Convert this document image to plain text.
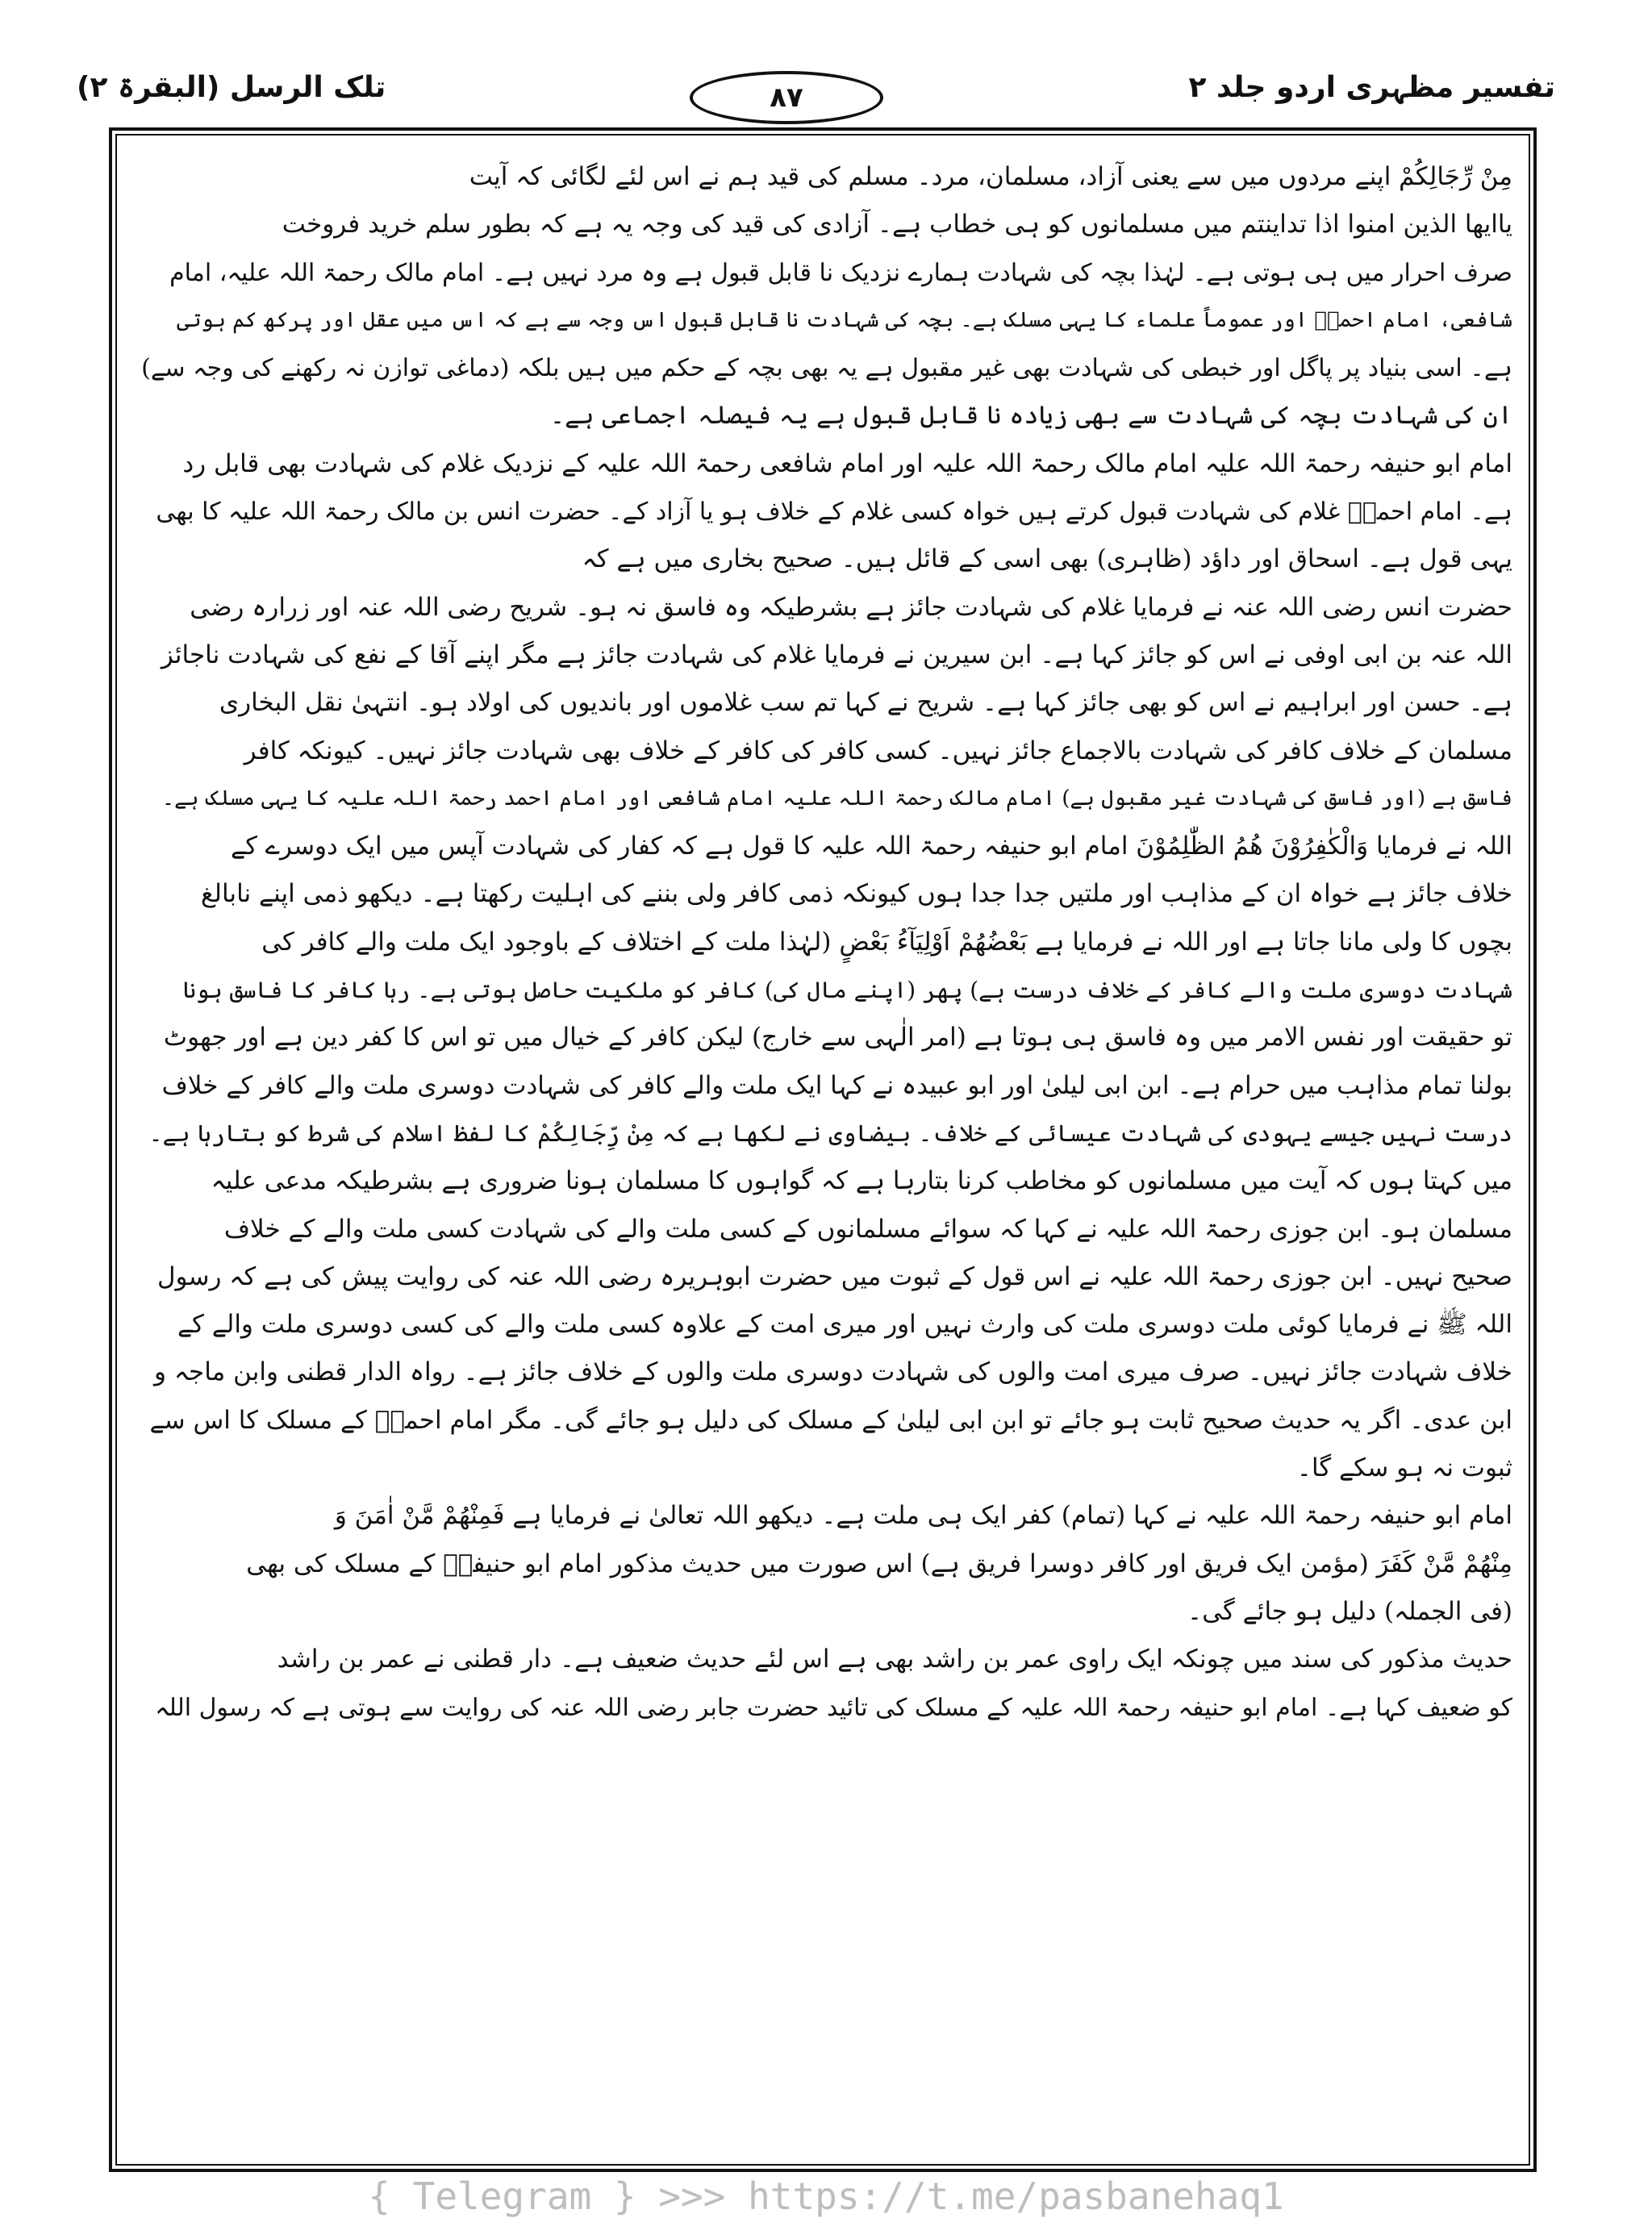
تفسیر مظہری اردو جلد ۲
۸۷
تلک الرسل (البقرۃ ۲)
مِنْ رِّجَالِكُمْ اپنے مردوں میں سے یعنی آزاد، مسلمان، مرد۔ مسلم کی قید ہم نے اس لئے لگائی کہ آیت
یاایھا الذین امنوا اذا تداینتم میں مسلمانوں کو ہی خطاب ہے۔ آزادی کی قید کی وجہ یہ ہے کہ بطور سلم خرید فروخت
صرف احرار میں ہی ہوتی ہے۔ لہٰذا بچہ کی شہادت ہمارے نزدیک نا قابل قبول ہے وہ مرد نہیں ہے۔ امام مالک رحمۃ اللہ علیہ، امام
شافعی، امام احمدؒ اور عموماً علماء کا یہی مسلک ہے۔ بچہ کی شہادت نا قابل قبول اس وجہ سے ہے کہ اس میں عقل اور پرکھ کم ہوتی
ہے۔ اسی بنیاد پر پاگل اور خبطی کی شہادت بھی غیر مقبول ہے یہ بھی بچہ کے حکم میں ہیں بلکہ (دماغی توازن نہ رکھنے کی وجہ سے)
ان کی شہادت بچہ کی شہادت سے بھی زیادہ نا قابل قبول ہے یہ فیصلہ اجماعی ہے۔
امام ابو حنیفہ رحمۃ اللہ علیہ امام مالک رحمۃ اللہ علیہ اور امام شافعی رحمۃ اللہ علیہ کے نزدیک غلام کی شہادت بھی قابل رد
ہے۔ امام احمدؒ غلام کی شہادت قبول کرتے ہیں خواہ کسی غلام کے خلاف ہو یا آزاد کے۔ حضرت انس بن مالک رحمۃ اللہ علیہ کا بھی
یہی قول ہے۔ اسحاق اور داؤد (ظاہری) بھی اسی کے قائل ہیں۔ صحیح بخاری میں ہے کہ
حضرت انس رضی اللہ عنہ نے فرمایا غلام کی شہادت جائز ہے بشرطیکہ وہ فاسق نہ ہو۔ شریح رضی اللہ عنہ اور زرارہ رضی
اللہ عنہ بن ابی اوفی نے اس کو جائز کہا ہے۔ ابن سیرین نے فرمایا غلام کی شہادت جائز ہے مگر اپنے آقا کے نفع کی شہادت ناجائز
ہے۔ حسن اور ابراہیم نے اس کو بھی جائز کہا ہے۔ شریح نے کہا تم سب غلاموں اور باندیوں کی اولاد ہو۔ انتہیٰ نقل البخاری
مسلمان کے خلاف کافر کی شہادت بالاجماع جائز نہیں۔ کسی کافر کی کافر کے خلاف بھی شہادت جائز نہیں۔ کیونکہ کافر
فاسق ہے (اور فاسق کی شہادت غیر مقبول ہے) امام مالک رحمۃ اللہ علیہ امام شافعی اور امام احمد رحمۃ اللہ علیہ کا یہی مسلک ہے۔
اللہ نے فرمایا وَالْكٰفِرُوْنَ هُمُ الظّٰلِمُوْنَ امام ابو حنیفہ رحمۃ اللہ علیہ کا قول ہے کہ کفار کی شہادت آپس میں ایک دوسرے کے
خلاف جائز ہے خواہ ان کے مذاہب اور ملتیں جدا جدا ہوں کیونکہ ذمی کافر ولی بننے کی اہلیت رکھتا ہے۔ دیکھو ذمی اپنے نابالغ
بچوں کا ولی مانا جاتا ہے اور اللہ نے فرمایا ہے بَعْضُهُمْ اَوْلِيَآءُ بَعْضٍ (لہٰذا ملت کے اختلاف کے باوجود ایک ملت والے کافر کی
شہادت دوسری ملت والے کافر کے خلاف درست ہے) پھر (اپنے مال کی) کافر کو ملکیت حاصل ہوتی ہے۔ رہا کافر کا فاسق ہونا
تو حقیقت اور نفس الامر میں وہ فاسق ہی ہوتا ہے (امر الٰہی سے خارج) لیکن کافر کے خیال میں تو اس کا کفر دین ہے اور جھوٹ
بولنا تمام مذاہب میں حرام ہے۔ ابن ابی لیلیٰ اور ابو عبیدہ نے کہا ایک ملت والے کافر کی شہادت دوسری ملت والے کافر کے خلاف
درست نہیں جیسے یہودی کی شہادت عیسائی کے خلاف۔ بیضاوی نے لکھا ہے کہ مِنْ رِّجَالِكُمْ کا لفظ اسلام کی شرط کو بتارہا ہے۔
میں کہتا ہوں کہ آیت میں مسلمانوں کو مخاطب کرنا بتارہا ہے کہ گواہوں کا مسلمان ہونا ضروری ہے بشرطیکہ مدعی علیہ
مسلمان ہو۔ ابن جوزی رحمۃ اللہ علیہ نے کہا کہ سوائے مسلمانوں کے کسی ملت والے کی شہادت کسی ملت والے کے خلاف
صحیح نہیں۔ ابن جوزی رحمۃ اللہ علیہ نے اس قول کے ثبوت میں حضرت ابوہریرہ رضی اللہ عنہ کی روایت پیش کی ہے کہ رسول
اللہ ﷺ نے فرمایا کوئی ملت دوسری ملت کی وارث نہیں اور میری امت کے علاوہ کسی ملت والے کی کسی دوسری ملت والے کے
خلاف شہادت جائز نہیں۔ صرف میری امت والوں کی شہادت دوسری ملت والوں کے خلاف جائز ہے۔ رواہ الدار قطنی وابن ماجہ و
ابن عدی۔ اگر یہ حدیث صحیح ثابت ہو جائے تو ابن ابی لیلیٰ کے مسلک کی دلیل ہو جائے گی۔ مگر امام احمدؒ کے مسلک کا اس سے
ثبوت نہ ہو سکے گا۔
امام ابو حنیفہ رحمۃ اللہ علیہ نے کہا (تمام) کفر ایک ہی ملت ہے۔ دیکھو اللہ تعالیٰ نے فرمایا ہے فَمِنْهُمْ مَّنْ اٰمَنَ وَ
مِنْهُمْ مَّنْ كَفَرَ (مؤمن ایک فریق اور کافر دوسرا فریق ہے) اس صورت میں حدیث مذکور امام ابو حنیفہؒ کے مسلک کی بھی
(فی الجملہ) دلیل ہو جائے گی۔
حدیث مذکور کی سند میں چونکہ ایک راوی عمر بن راشد بھی ہے اس لئے حدیث ضعیف ہے۔ دار قطنی نے عمر بن راشد
کو ضعیف کہا ہے۔ امام ابو حنیفہ رحمۃ اللہ علیہ کے مسلک کی تائید حضرت جابر رضی اللہ عنہ کی روایت سے ہوتی ہے کہ رسول اللہ
{ Telegram } >>> https://t.me/pasbanehaq1
